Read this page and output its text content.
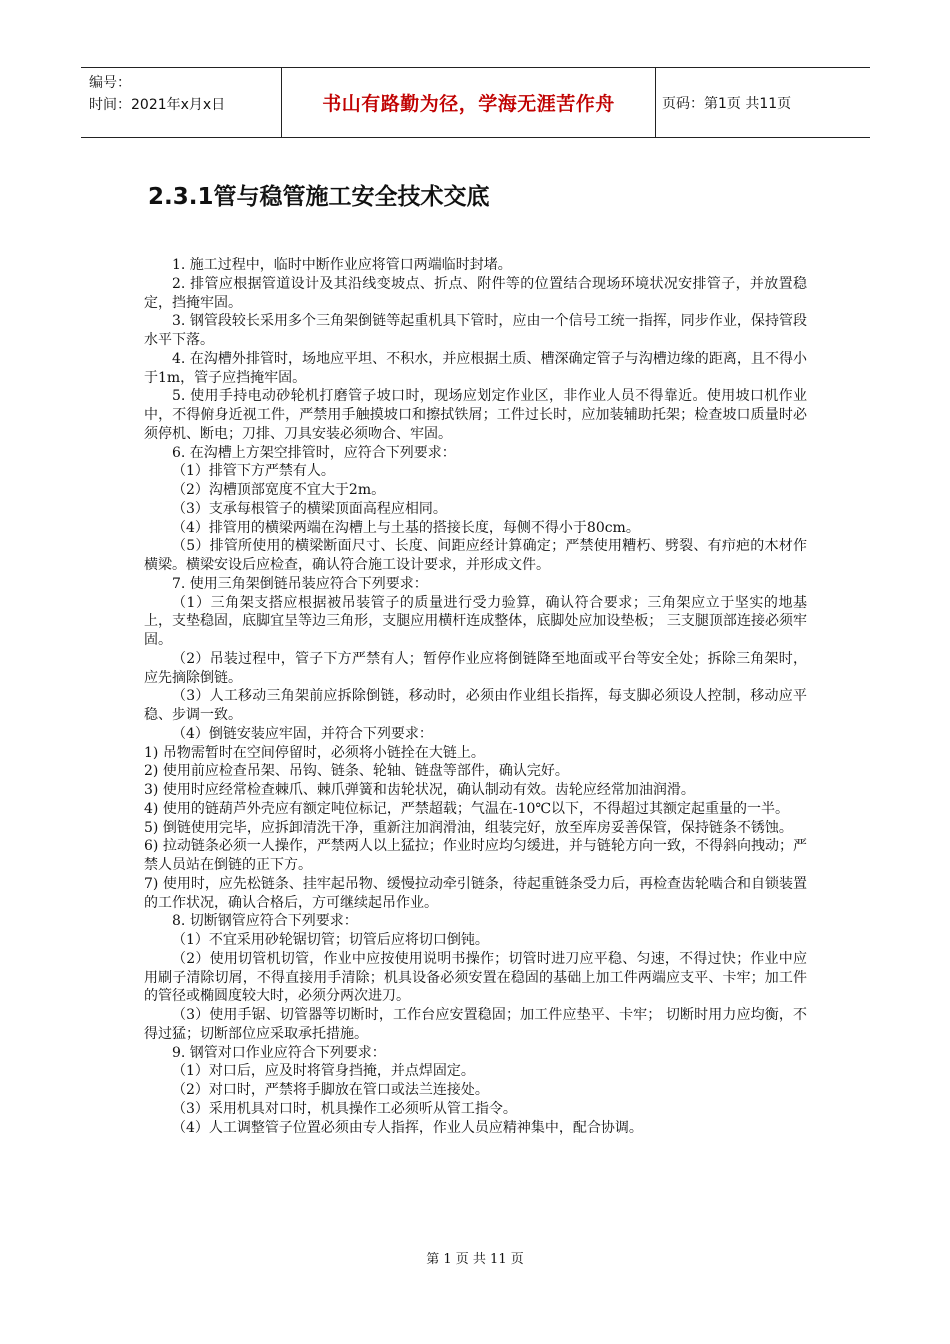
编号：
时间：2021年x月x日	书山有路勤为径，学海无涯苦作舟	页码：第1页 共11页
2.3.1管与稳管施工安全技术交底

1. 施工过程中，临时中断作业应将管口两端临时封堵。

2. 排管应根据管道设计及其沿线变坡点、折点、附件等的位置结合现场环境状况安排管子，并放置稳定，挡掩牢固。

3. 钢管段较长采用多个三角架倒链等起重机具下管时，应由一个信号工统一指挥，同步作业，保持管段水平下落。

4. 在沟槽外排管时，场地应平坦、不积水，并应根据土质、槽深确定管子与沟槽边缘的距离，且不得小于1m，管子应挡掩牢固。

5. 使用手持电动砂轮机打磨管子坡口时，现场应划定作业区，非作业人员不得靠近。使用坡口机作业中，不得俯身近视工件，严禁用手触摸坡口和擦拭铁屑；工件过长时，应加装辅助托架；检查坡口质量时必须停机、断电；刀排、刀具安装必须吻合、牢固。

6. 在沟槽上方架空排管时，应符合下列要求：

（1）排管下方严禁有人。

（2）沟槽顶部宽度不宜大于2m。

（3）支承每根管子的横梁顶面高程应相同。

（4）排管用的横梁两端在沟槽上与土基的搭接长度，每侧不得小于80cm。

（5）排管所使用的横梁断面尺寸、长度、间距应经计算确定；严禁使用糟朽、劈裂、有疖疤的木材作横梁。横梁安设后应检查，确认符合施工设计要求，并形成文件。

7. 使用三角架倒链吊装应符合下列要求：

（1）三角架支搭应根据被吊装管子的质量进行受力验算，确认符合要求；三角架应立于坚实的地基上，支垫稳固，底脚宜呈等边三角形，支腿应用横杆连成整体，底脚处应加设垫板； 三支腿顶部连接必须牢固。

（2）吊装过程中，管子下方严禁有人；暂停作业应将倒链降至地面或平台等安全处；拆除三角架时，应先摘除倒链。

（3）人工移动三角架前应拆除倒链，移动时，必须由作业组长指挥，每支脚必须设人控制，移动应平稳、步调一致。

（4）倒链安装应牢固，并符合下列要求：

1) 吊物需暂时在空间停留时，必须将小链拴在大链上。

2) 使用前应检查吊架、吊钩、链条、轮轴、链盘等部件，确认完好。

3) 使用时应经常检查棘爪、棘爪弹簧和齿轮状况，确认制动有效。齿轮应经常加油润滑。

4) 使用的链葫芦外壳应有额定吨位标记，严禁超载；气温在-10℃以下，不得超过其额定起重量的一半。

5) 倒链使用完毕，应拆卸清洗干净，重新注加润滑油，组装完好，放至库房妥善保管，保持链条不锈蚀。

6) 拉动链条必须一人操作，严禁两人以上猛拉；作业时应均匀缓进，并与链轮方向一致，不得斜向拽动；严禁人员站在倒链的正下方。

7) 使用时，应先松链条、挂牢起吊物、缓慢拉动牵引链条，待起重链条受力后，再检查齿轮啮合和自锁装置的工作状况，确认合格后，方可继续起吊作业。

8. 切断钢管应符合下列要求：

（1）不宜采用砂轮锯切管；切管后应将切口倒钝。

（2）使用切管机切管，作业中应按使用说明书操作；切管时进刀应平稳、匀速，不得过快；作业中应用刷子清除切屑，不得直接用手清除；机具设备必须安置在稳固的基础上加工件两端应支平、卡牢；加工件的管径或椭圆度较大时，必须分两次进刀。

（3）使用手锯、切管器等切断时，工作台应安置稳固；加工件应垫平、卡牢； 切断时用力应均衡，不得过猛；切断部位应采取承托措施。

9. 钢管对口作业应符合下列要求：

（1）对口后，应及时将管身挡掩，并点焊固定。

（2）对口时，严禁将手脚放在管口或法兰连接处。

（3）采用机具对口时，机具操作工必须听从管工指令。

（4）人工调整管子位置必须由专人指挥，作业人员应精神集中，配合协调。

第 1 页 共 11 页
